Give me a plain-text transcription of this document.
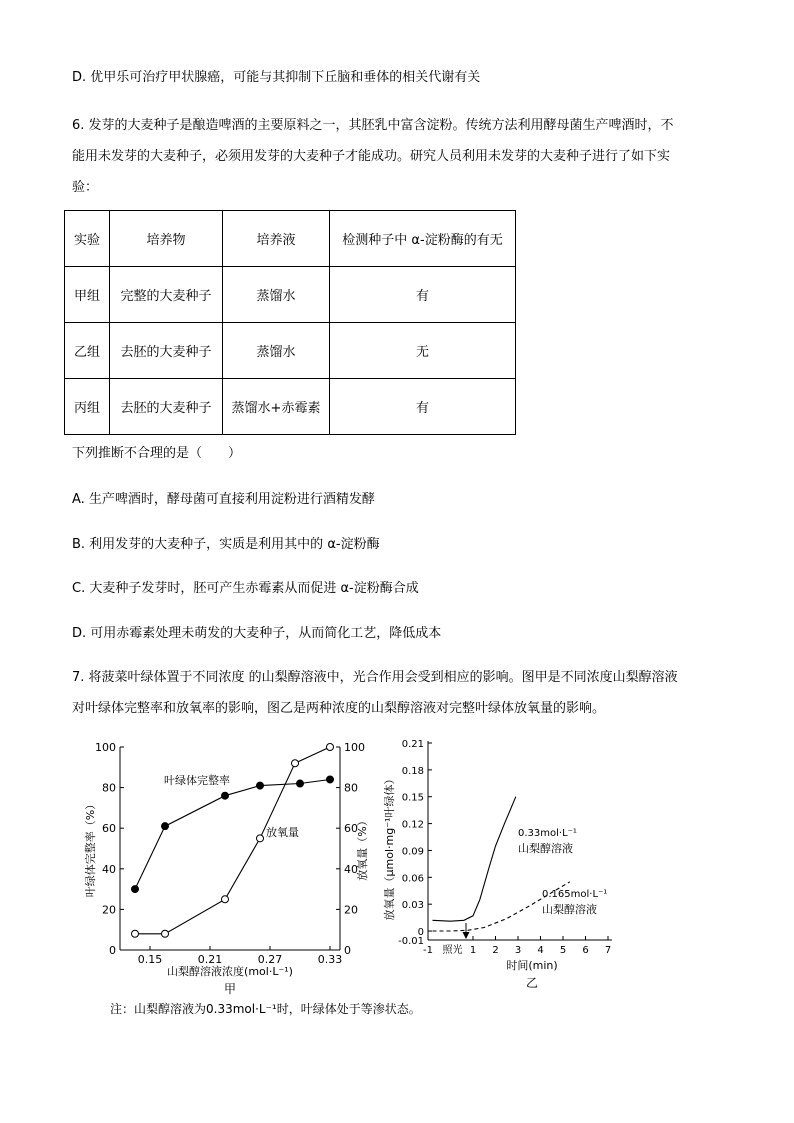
D. 优甲乐可治疗甲状腺癌，可能与其抑制下丘脑和垂体的相关代谢有关
6. 发芽的大麦种子是酿造啤酒的主要原料之一，其胚乳中富含淀粉。传统方法利用酵母菌生产啤酒时，不
能用未发芽的大麦种子，必须用发芽的大麦种子才能成功。研究人员利用未发芽的大麦种子进行了如下实
验：
实验	培养物	培养液	检测种子中 α-淀粉酶的有无
甲组	完整的大麦种子	蒸馏水	有
乙组	去胚的大麦种子	蒸馏水	无
丙组	去胚的大麦种子	蒸馏水+赤霉素	有
下列推断不合理的是（　　）
A. 生产啤酒时，酵母菌可直接利用淀粉进行酒精发酵
B. 利用发芽的大麦种子，实质是利用其中的 α-淀粉酶
C. 大麦种子发芽时，胚可产生赤霉素从而促进 α-淀粉酶合成
D. 可用赤霉素处理未萌发的大麦种子，从而简化工艺，降低成本
7. 将菠菜叶绿体置于不同浓度 的山梨醇溶液中，光合作用会受到相应的影响。图甲是不同浓度山梨醇溶液
对叶绿体完整率和放氧率的影响，图乙是两种浓度的山梨醇溶液对完整叶绿体放氧量的影响。
0	0
20	20
40	40
60	60
80	80
100	100
0.15	0.21	0.27	0.33
叶绿体完整率（%）	放氧量（%）
山梨醇溶液浓度(mol·L⁻¹)
甲
叶绿体完整率
放氧量
-0.01
0
0.03
0.06
0.09
0.12
0.15
0.18
0.21
-1 照光 1 2 3 4 5 6 7
放氧量（μmol·mg⁻¹叶绿体）
时间(min)
乙
0.33mol·L⁻¹
山梨醇溶液
0.165mol·L⁻¹
山梨醇溶液
注：山梨醇溶液为0.33mol·L⁻¹时，叶绿体处于等渗状态。
